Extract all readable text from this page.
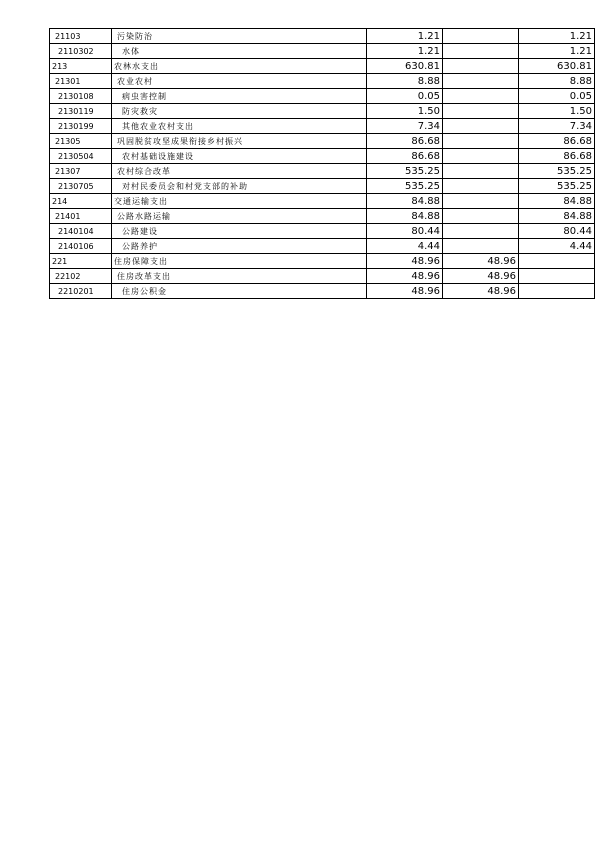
21103	污染防治	1.21		1.21
2110302	水体	1.21		1.21
213	农林水支出	630.81		630.81
21301	农业农村	8.88		8.88
2130108	病虫害控制	0.05		0.05
2130119	防灾救灾	1.50		1.50
2130199	其他农业农村支出	7.34		7.34
21305	巩固脱贫攻坚成果衔接乡村振兴	86.68		86.68
2130504	农村基础设施建设	86.68		86.68
21307	农村综合改革	535.25		535.25
2130705	对村民委员会和村党支部的补助	535.25		535.25
214	交通运输支出	84.88		84.88
21401	公路水路运输	84.88		84.88
2140104	公路建设	80.44		80.44
2140106	公路养护	4.44		4.44
221	住房保障支出	48.96	48.96	
22102	住房改革支出	48.96	48.96	
2210201	住房公积金	48.96	48.96	
